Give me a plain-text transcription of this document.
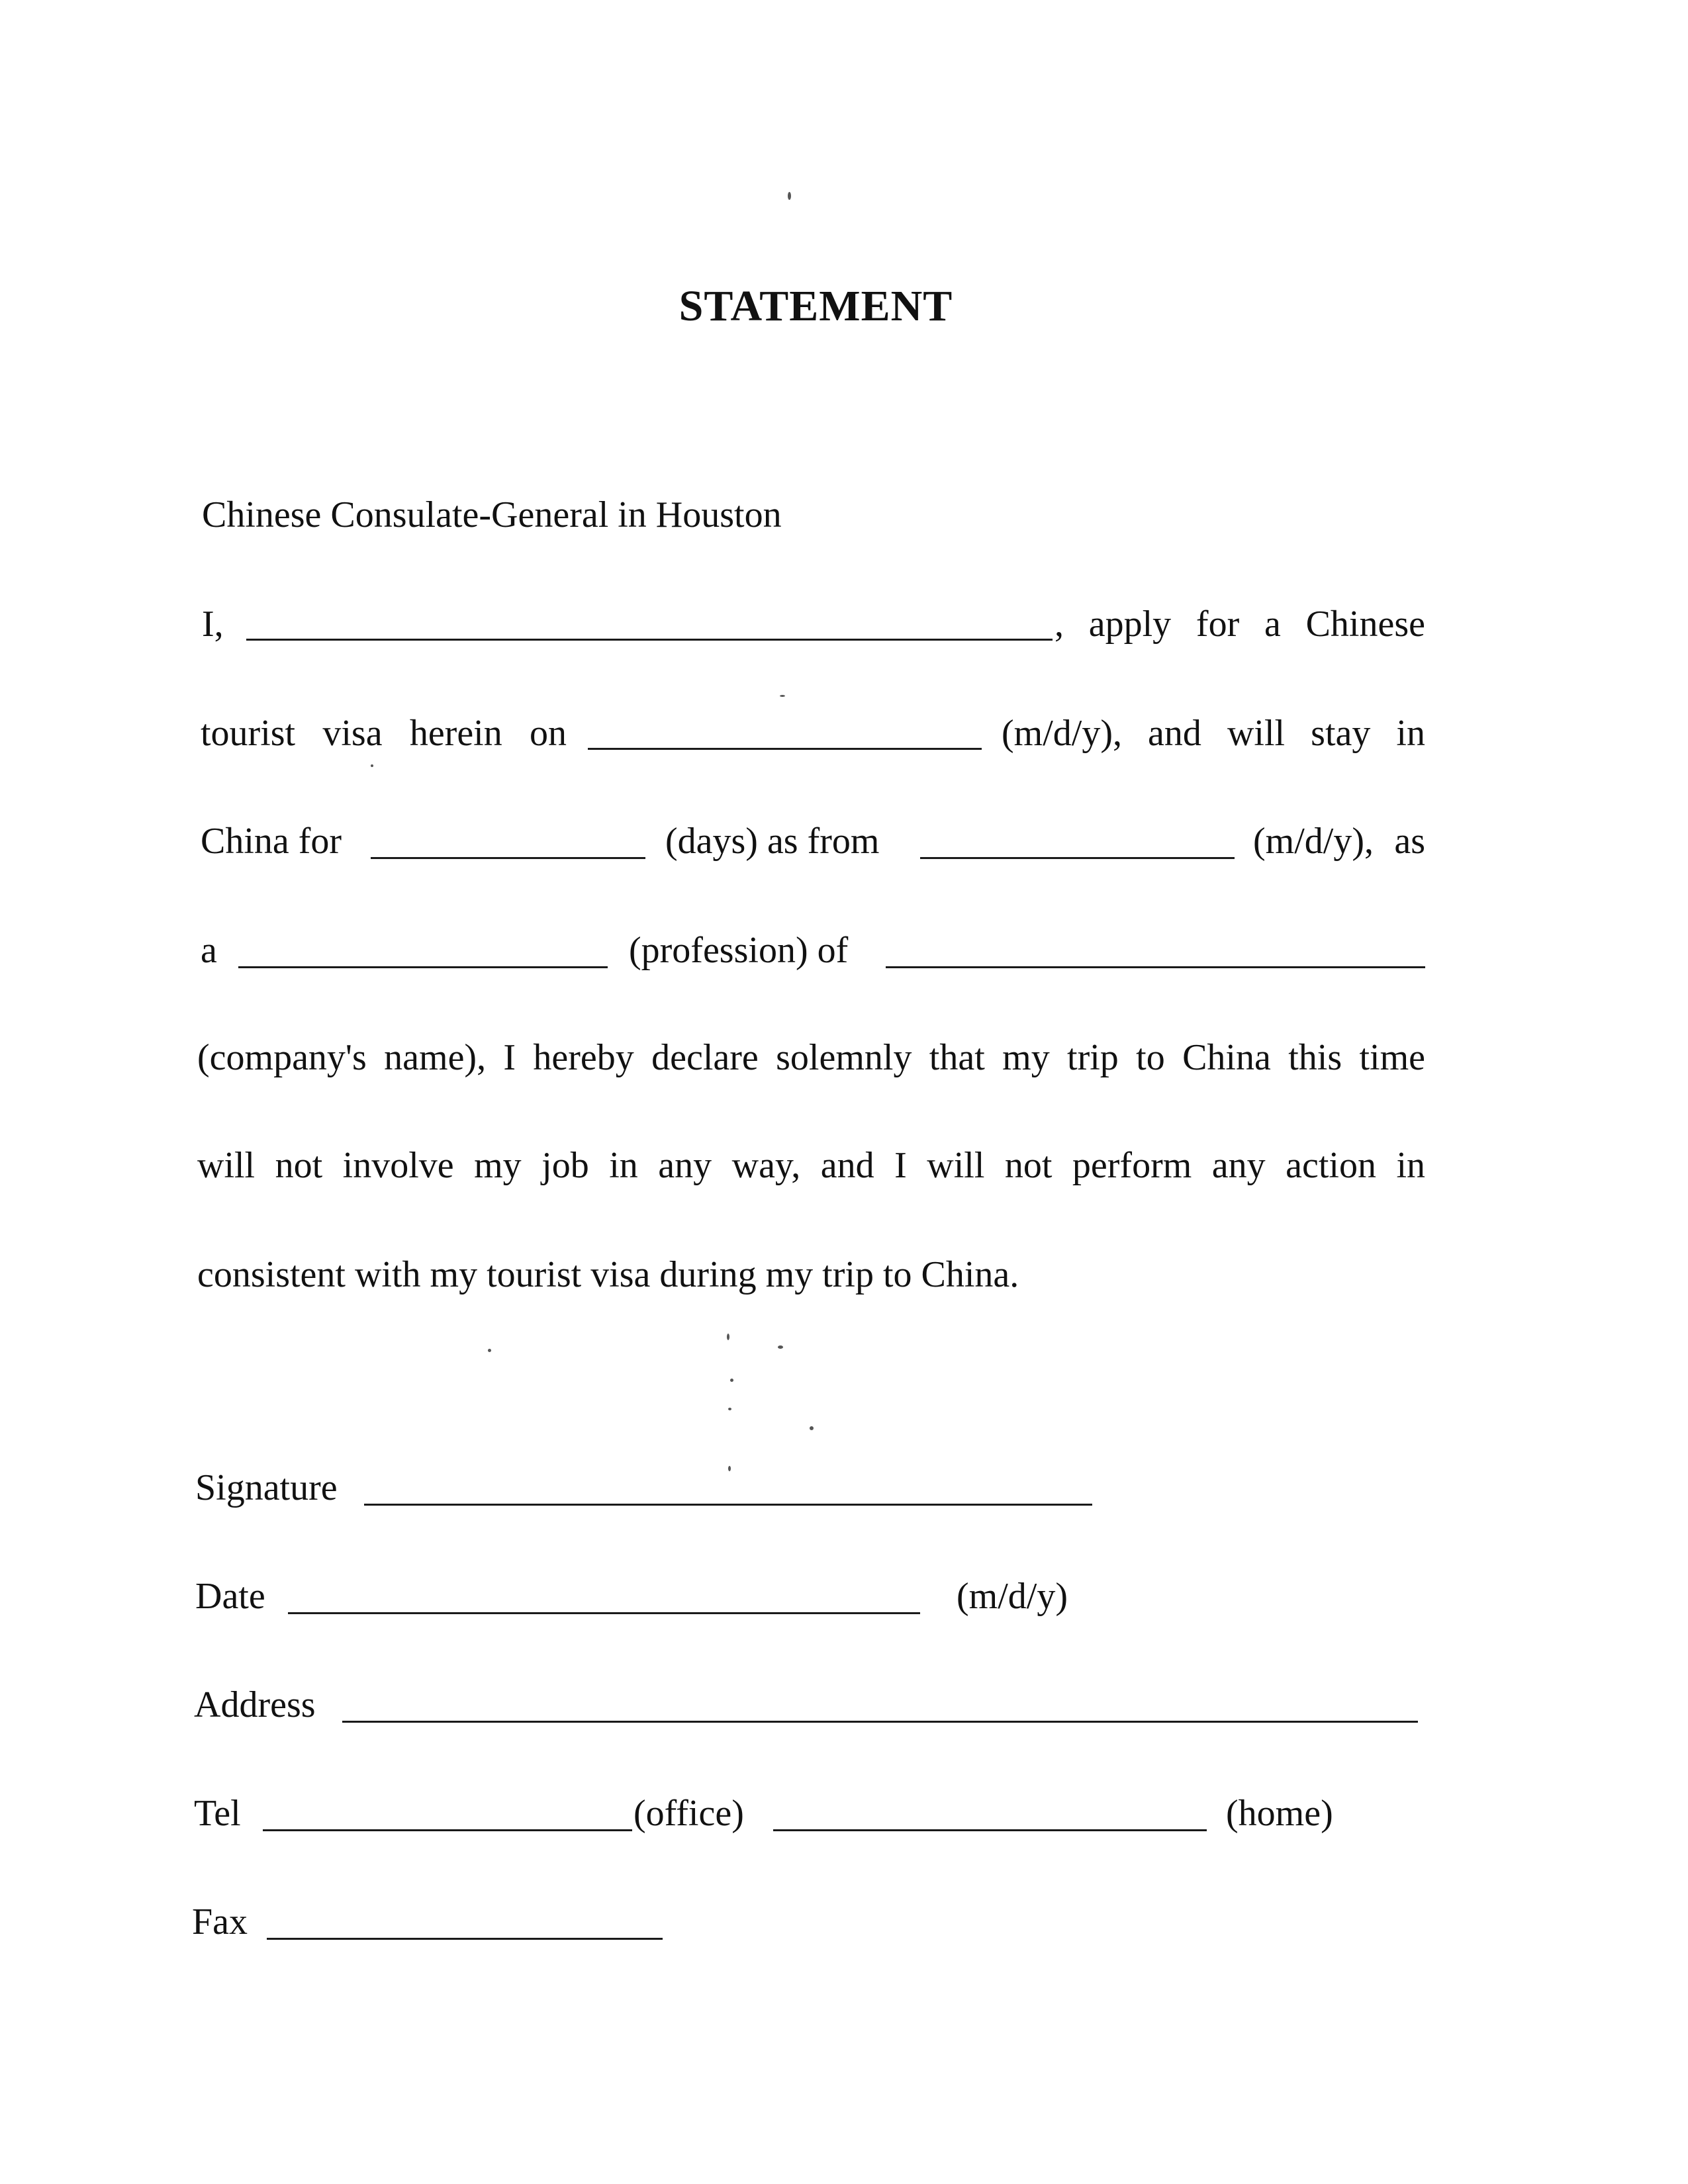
STATEMENT
Chinese Consulate-General in Houston
I,	, apply for a Chinese
tourist visa herein on	(m/d/y), and will stay in
China for	(days) as from	(m/d/y), as
a	(profession) of
(company's name), I hereby declare solemnly that my trip to China this time
will not involve my job in any way, and I will not perform any action in
consistent with my tourist visa during my trip to China.
Signature
Date	(m/d/y)
Address
Tel	(office)	(home)
Fax
